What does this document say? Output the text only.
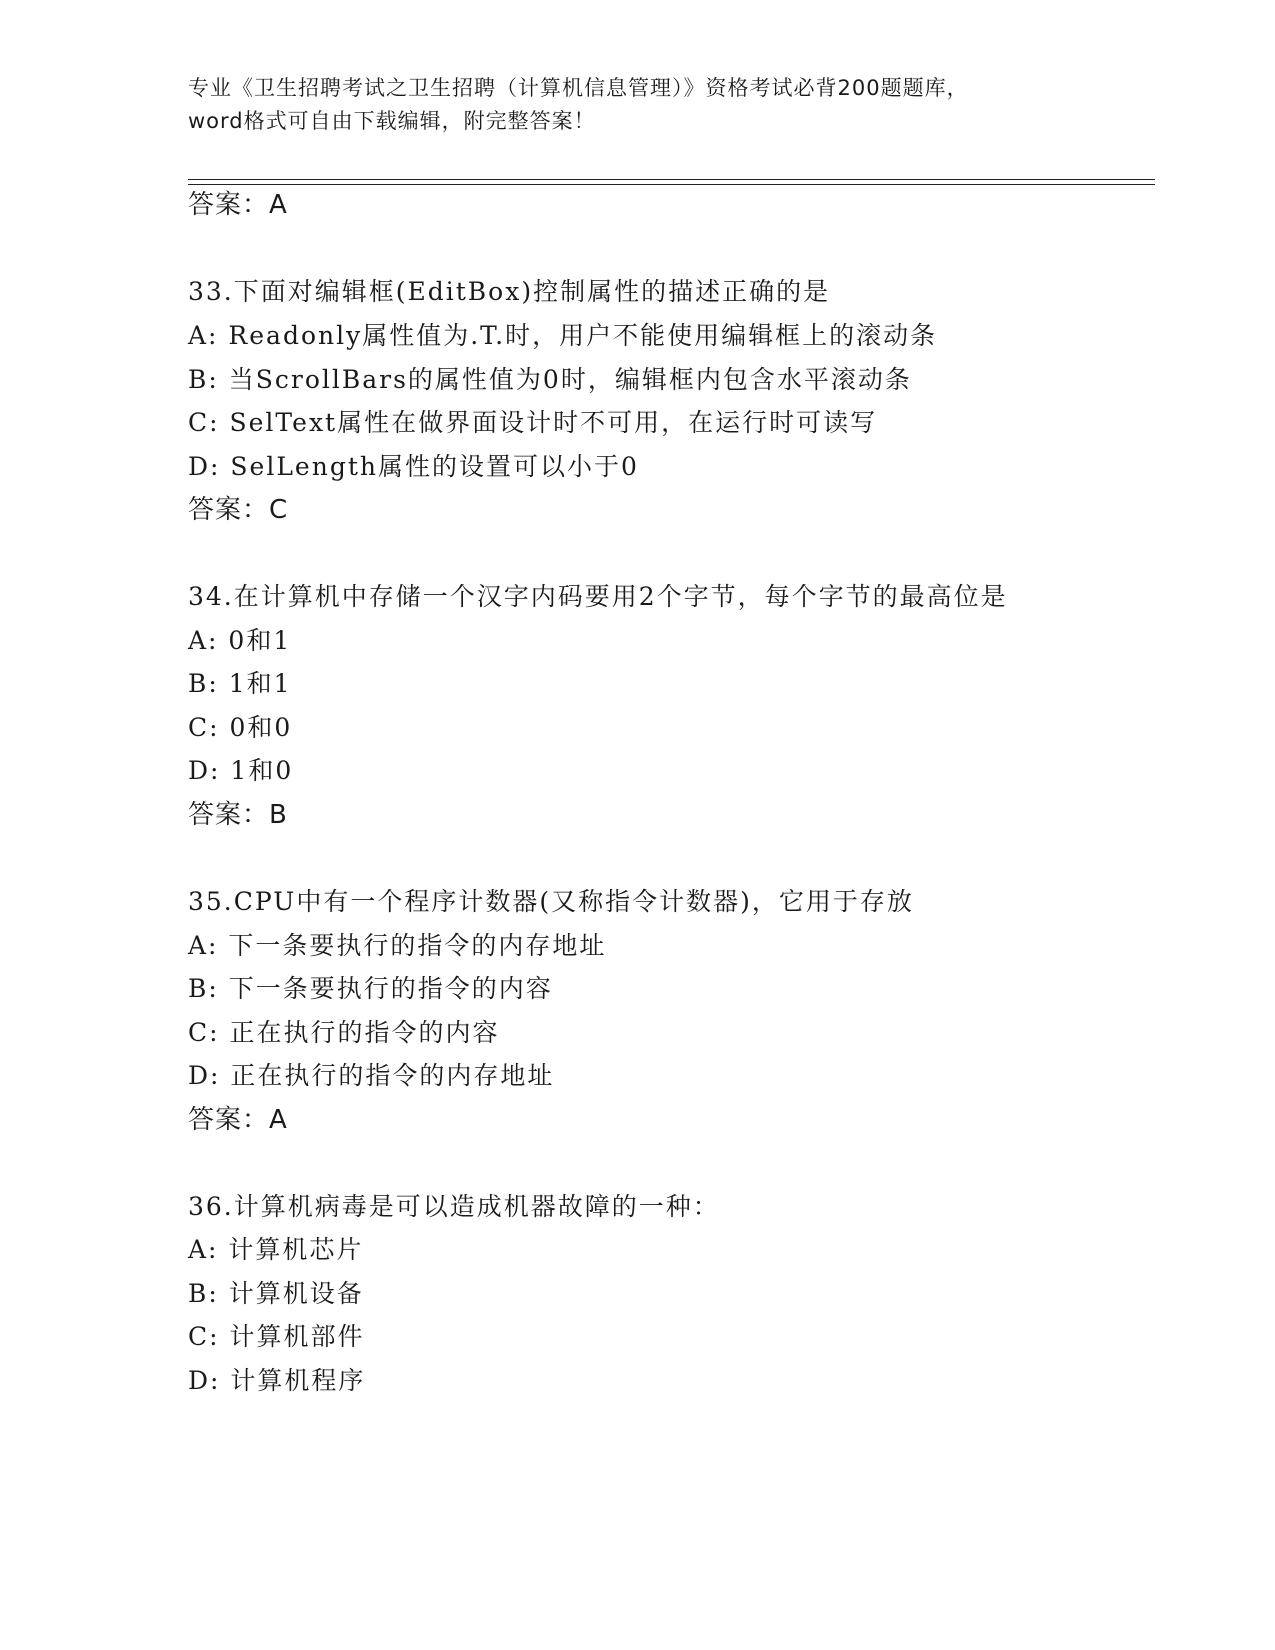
专业《卫生招聘考试之卫生招聘（计算机信息管理）》资格考试必背200题题库，
word格式可自由下载编辑，附完整答案！
答案：A
33.下面对编辑框(EditBox)控制属性的描述正确的是
A: Readonly属性值为.T.时，用户不能使用编辑框上的滚动条
B: 当ScrollBars的属性值为0时，编辑框内包含水平滚动条
C: SelText属性在做界面设计时不可用，在运行时可读写
D: SelLength属性的设置可以小于0
答案：C
34.在计算机中存储一个汉字内码要用2个字节，每个字节的最高位是
A: 0和1
B: 1和1
C: 0和0
D: 1和0
答案：B
35.CPU中有一个程序计数器(又称指令计数器)，它用于存放
A: 下一条要执行的指令的内存地址
B: 下一条要执行的指令的内容
C: 正在执行的指令的内容
D: 正在执行的指令的内存地址
答案：A
36.计算机病毒是可以造成机器故障的一种：
A: 计算机芯片
B: 计算机设备
C: 计算机部件
D: 计算机程序
